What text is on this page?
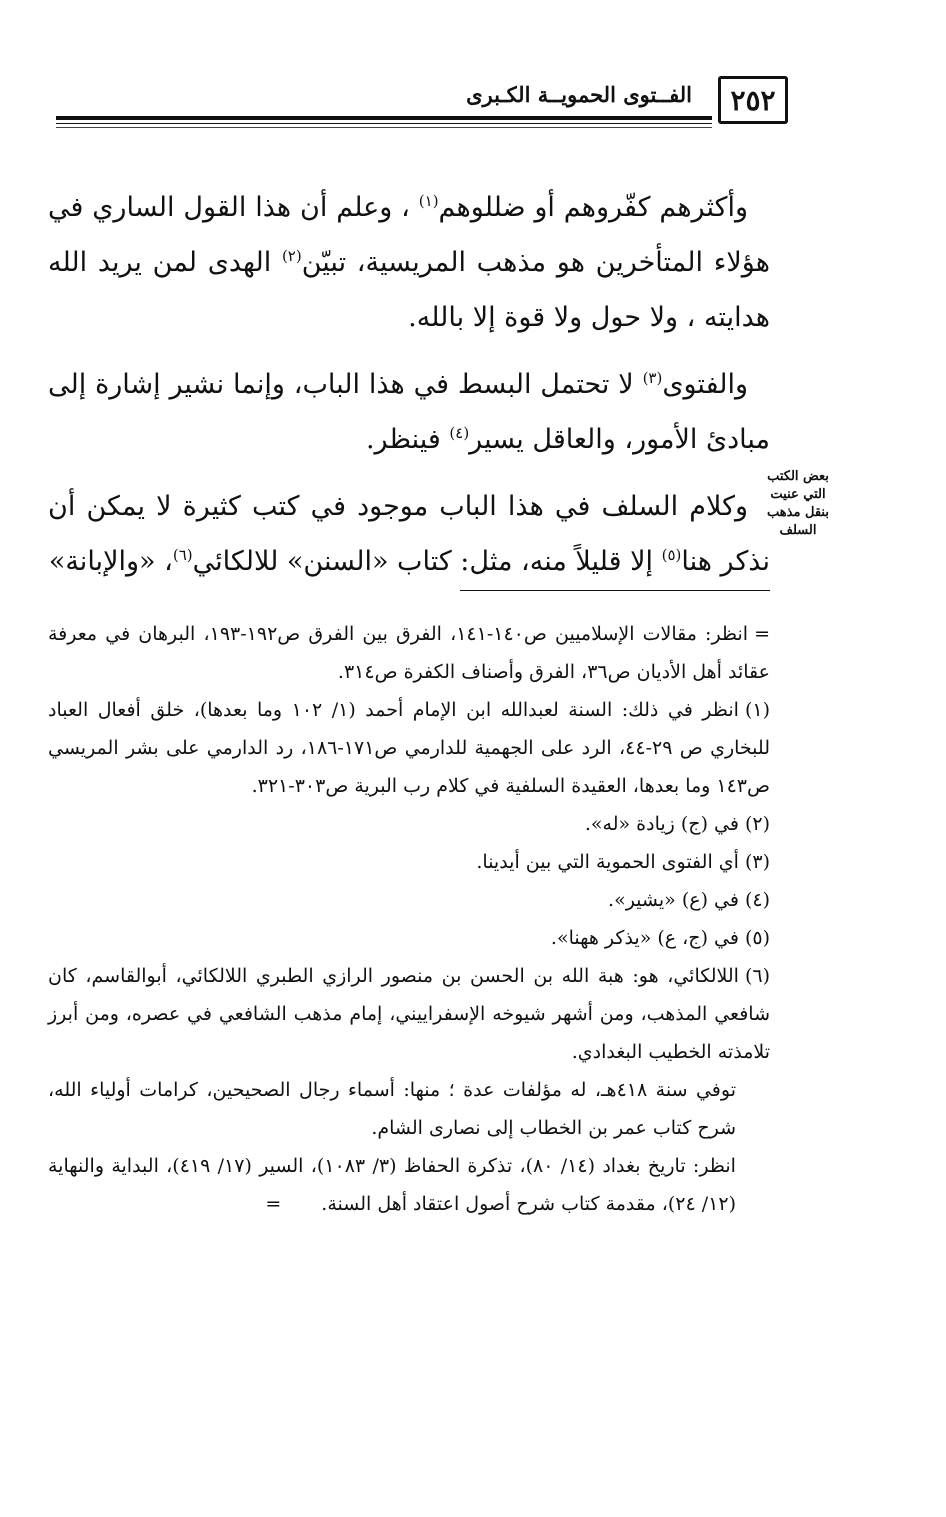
٢٥٢
الفــتوى الحمويــة الكـبرى

وأكثرهم كفّروهم أو ضللوهم$^{(١)}$ ، وعلم أن هذا القول الساري في هؤلاء المتأخرين هو مذهب المريسية، تبيّن$^{(٢)}$ الهدى لمن يريد الله هدايته ، ولا حول ولا قوة إلا بالله.

والفتوى$^{(٣)}$ لا تحتمل البسط في هذا الباب، وإنما نشير إشارة إلى مبادئ الأمور، والعاقل يسير$^{(٤)}$ فينظر.

وكلام السلف في هذا الباب موجود في كتب كثيرة لا يمكن أن نذكر هنا$^{(٥)}$ إلا قليلاً منه، مثل: كتاب «السنن» للالكائي$^{(٦)}$، «والإبانة»

بعض الكتب
التي عنيت
بنقل مذهب
السلف

=انظر: مقالات الإسلاميين ص١٤٠-١٤١، الفرق بين الفرق ص١٩٢-١٩٣، البرهان في معرفة عقائد أهل الأديان ص٣٦، الفرق وأصناف الكفرة ص٣١٤.

(١)انظر في ذلك: السنة لعبدالله ابن الإمام أحمد (١/ ١٠٢ وما بعدها)، خلق أفعال العباد للبخاري ص ٢٩-٤٤، الرد على الجهمية للدارمي ص١٧١-١٨٦، رد الدارمي على بشر المريسي ص١٤٣ وما بعدها، العقيدة السلفية في كلام رب البرية ص٣٠٣-٣٢١.

(٢)في (ج) زيادة «له».

(٣)أي الفتوى الحموية التي بين أيدينا.

(٤)في (ع) «يشير».

(٥)في (ج، ع) «يذكر ههنا».

(٦)اللالكائي، هو: هبة الله بن الحسن بن منصور الرازي الطبري اللالكائي، أبوالقاسم، كان شافعي المذهب، ومن أشهر شيوخه الإسفراييني، إمام مذهب الشافعي في عصره، ومن أبرز تلامذته الخطيب البغدادي.

توفي سنة ٤١٨هـ، له مؤلفات عدة ؛ منها: أسماء رجال الصحيحين، كرامات أولياء الله، شرح كتاب عمر بن الخطاب إلى نصارى الشام.

انظر: تاريخ بغداد (١٤/ ٨٠)، تذكرة الحفاظ (٣/ ١٠٨٣)، السير (١٧/ ٤١٩)، البداية والنهاية (١٢/ ٢٤)، مقدمة كتاب شرح أصول اعتقاد أهل السنة.=
